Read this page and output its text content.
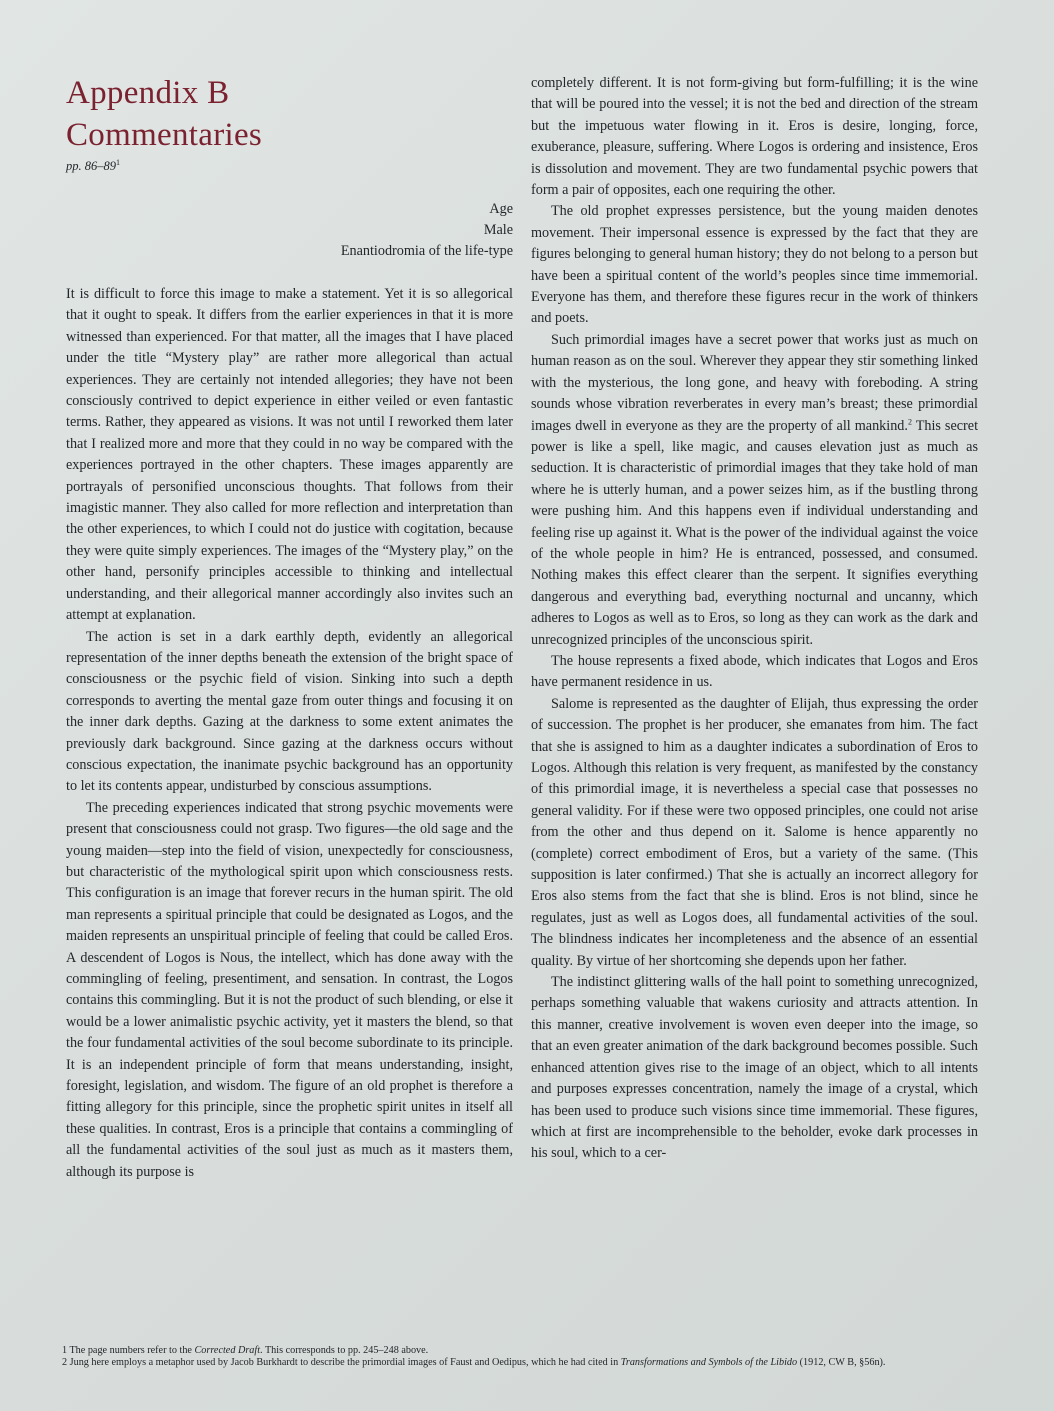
Appendix B
Commentaries

pp. $86-89^1$

Age
Male
Enantiodromia of the life-type

It is difficult to force this image to make a statement. Yet it is so allegorical that it ought to speak. It differs from the earlier experiences in that it is more witnessed than experienced. For that matter, all the images that I have placed under the title “Mystery play” are rather more allegorical than actual experiences. They are certainly not intended allegories; they have not been consciously contrived to depict experience in either veiled or even fantastic terms. Rather, they appeared as visions. It was not until I reworked them later that I realized more and more that they could in no way be compared with the experiences portrayed in the other chapters. These images apparently are portrayals of personified unconscious thoughts. That follows from their imagistic manner. They also called for more reflection and interpretation than the other experiences, to which I could not do justice with cogitation, because they were quite simply experiences. The images of the “Mystery play,” on the other hand, personify principles accessible to thinking and intellectual understanding, and their allegorical manner accordingly also invites such an attempt at explanation.

The action is set in a dark earthly depth, evidently an allegorical representation of the inner depths beneath the extension of the bright space of consciousness or the psychic field of vision. Sinking into such a depth corresponds to averting the mental gaze from outer things and focusing it on the inner dark depths. Gazing at the darkness to some extent animates the previously dark background. Since gazing at the darkness occurs without conscious expectation, the inanimate psychic background has an opportunity to let its contents appear, undisturbed by conscious assumptions.

The preceding experiences indicated that strong psychic movements were present that consciousness could not grasp. Two figures—the old sage and the young maiden—step into the field of vision, unexpectedly for consciousness, but characteristic of the mythological spirit upon which consciousness rests. This configuration is an image that forever recurs in the human spirit. The old man represents a spiritual principle that could be designated as Logos, and the maiden represents an unspiritual principle of feeling that could be called Eros. A descendent of Logos is Nous, the intellect, which has done away with the commingling of feeling, presentiment, and sensation. In contrast, the Logos contains this commingling. But it is not the product of such blending, or else it would be a lower animalistic psychic activity, yet it masters the blend, so that the four fundamental activities of the soul become subordinate to its principle. It is an independent principle of form that means understanding, insight, foresight, legislation, and wisdom. The figure of an old prophet is therefore a fitting allegory for this principle, since the prophetic spirit unites in itself all these qualities. In contrast, Eros is a principle that contains a commingling of all the fundamental activities of the soul just as much as it masters them, although its purpose is

completely different. It is not form-giving but form-fulfilling; it is the wine that will be poured into the vessel; it is not the bed and direction of the stream but the impetuous water flowing in it. Eros is desire, longing, force, exuberance, pleasure, suffering. Where Logos is ordering and insistence, Eros is dissolution and movement. They are two fundamental psychic powers that form a pair of opposites, each one requiring the other.

The old prophet expresses persistence, but the young maiden denotes movement. Their impersonal essence is expressed by the fact that they are figures belonging to general human history; they do not belong to a person but have been a spiritual content of the world’s peoples since time immemorial. Everyone has them, and therefore these figures recur in the work of thinkers and poets.

Such primordial images have a secret power that works just as much on human reason as on the soul. Wherever they appear they stir something linked with the mysterious, the long gone, and heavy with foreboding. A string sounds whose vibration reverberates in every man’s breast; these primordial images dwell in everyone as they are the property of all mankind.$^2$ This secret power is like a spell, like magic, and causes elevation just as much as seduction. It is characteristic of primordial images that they take hold of man where he is utterly human, and a power seizes him, as if the bustling throng were pushing him. And this happens even if individual understanding and feeling rise up against it. What is the power of the individual against the voice of the whole people in him? He is entranced, possessed, and consumed. Nothing makes this effect clearer than the serpent. It signifies everything dangerous and everything bad, everything nocturnal and uncanny, which adheres to Logos as well as to Eros, so long as they can work as the dark and unrecognized principles of the unconscious spirit.

The house represents a fixed abode, which indicates that Logos and Eros have permanent residence in us.

Salome is represented as the daughter of Elijah, thus expressing the order of succession. The prophet is her producer, she emanates from him. The fact that she is assigned to him as a daughter indicates a subordination of Eros to Logos. Although this relation is very frequent, as manifested by the constancy of this primordial image, it is nevertheless a special case that possesses no general validity. For if these were two opposed principles, one could not arise from the other and thus depend on it. Salome is hence apparently no (complete) correct embodiment of Eros, but a variety of the same. (This supposition is later confirmed.) That she is actually an incorrect allegory for Eros also stems from the fact that she is blind. Eros is not blind, since he regulates, just as well as Logos does, all fundamental activities of the soul. The blindness indicates her incompleteness and the absence of an essential quality. By virtue of her shortcoming she depends upon her father.

The indistinct glittering walls of the hall point to something unrecognized, perhaps something valuable that wakens curiosity and attracts attention. In this manner, creative involvement is woven even deeper into the image, so that an even greater animation of the dark background becomes possible. Such enhanced attention gives rise to the image of an object, which to all intents and purposes expresses concentration, namely the image of a crystal, which has been used to produce such visions since time immemorial. These figures, which at first are incomprehensible to the beholder, evoke dark processes in his soul, which to a cer-

1 The page numbers refer to the Corrected Draft. This corresponds to pp. 245–248 above.
2 Jung here employs a metaphor used by Jacob Burkhardt to describe the primordial images of Faust and Oedipus, which he had cited in Transformations and Symbols of the Libido (1912, CW B, §56n).
